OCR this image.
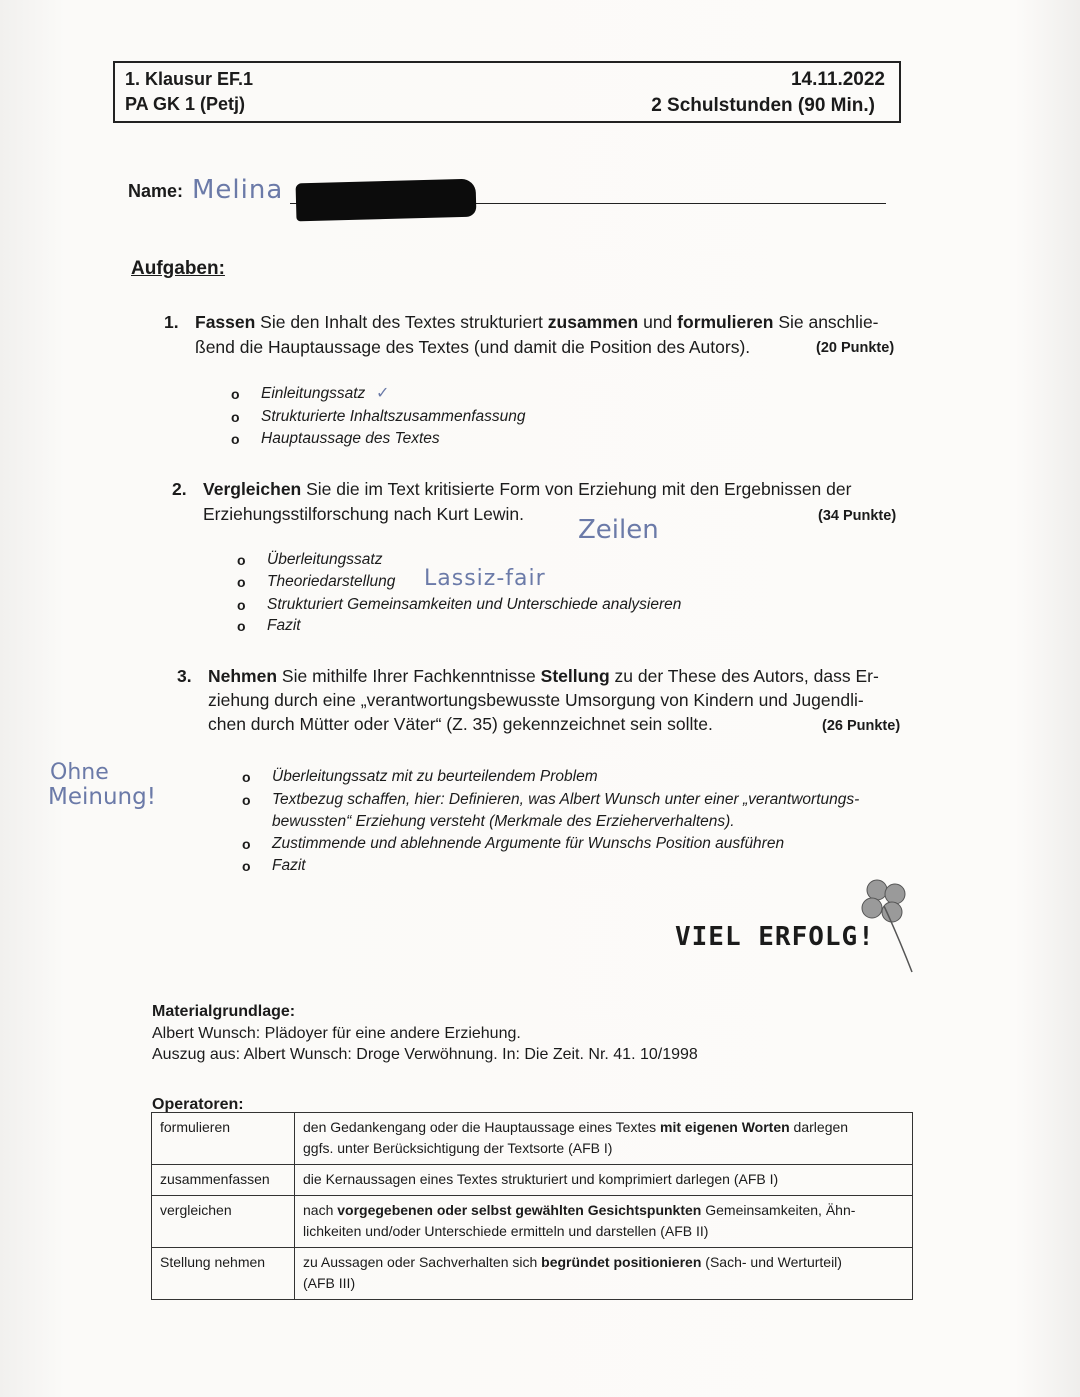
1. Klausur EF.1
PA GK 1 (Petj)
14.11.2022
2 Schulstunden (90 Min.)
Name: Melina
Aufgaben:
1. Fassen Sie den Inhalt des Textes strukturiert zusammen und formulieren Sie anschlie-
ßend die Hauptaussage des Textes (und damit die Position des Autors).	(20 Punkte)
o Einleitungssatz ✓
o Strukturierte Inhaltszusammenfassung
o Hauptaussage des Textes
2. Vergleichen Sie die im Text kritisierte Form von Erziehung mit den Ergebnissen der
Erziehungsstilforschung nach Kurt Lewin.	(34 Punkte)
Zeilen
o Überleitungssatz
o Theoriedarstellung Lassiz-fair
o Strukturiert Gemeinsamkeiten und Unterschiede analysieren
o Fazit
3. Nehmen Sie mithilfe Ihrer Fachkenntnisse Stellung zu der These des Autors, dass Er-
ziehung durch eine „verantwortungsbewusste Umsorgung von Kindern und Jugendli-
chen durch Mütter oder Väter“ (Z. 35) gekennzeichnet sein sollte.	(26 Punkte)
Ohne
Meinung!
o Überleitungssatz mit zu beurteilendem Problem
o Textbezug schaffen, hier: Definieren, was Albert Wunsch unter einer „verantwortungs-
bewussten“ Erziehung versteht (Merkmale des Erzieherverhaltens).
o Zustimmende und ablehnende Argumente für Wunschs Position ausführen
o Fazit
VIEL ERFOLG!
Materialgrundlage:
Albert Wunsch: Plädoyer für eine andere Erziehung.
Auszug aus: Albert Wunsch: Droge Verwöhnung. In: Die Zeit. Nr. 41. 10/1998
Operatoren:
formulieren	den Gedankengang oder die Hauptaussage eines Textes mit eigenen Worten darlegen
ggfs. unter Berücksichtigung der Textsorte (AFB I)
zusammenfassen	die Kernaussagen eines Textes strukturiert und komprimiert darlegen (AFB I)
vergleichen	nach vorgegebenen oder selbst gewählten Gesichtspunkten Gemeinsamkeiten, Ähn-
lichkeiten und/oder Unterschiede ermitteln und darstellen (AFB II)
Stellung nehmen	zu Aussagen oder Sachverhalten sich begründet positionieren (Sach- und Werturteil)
(AFB III)
